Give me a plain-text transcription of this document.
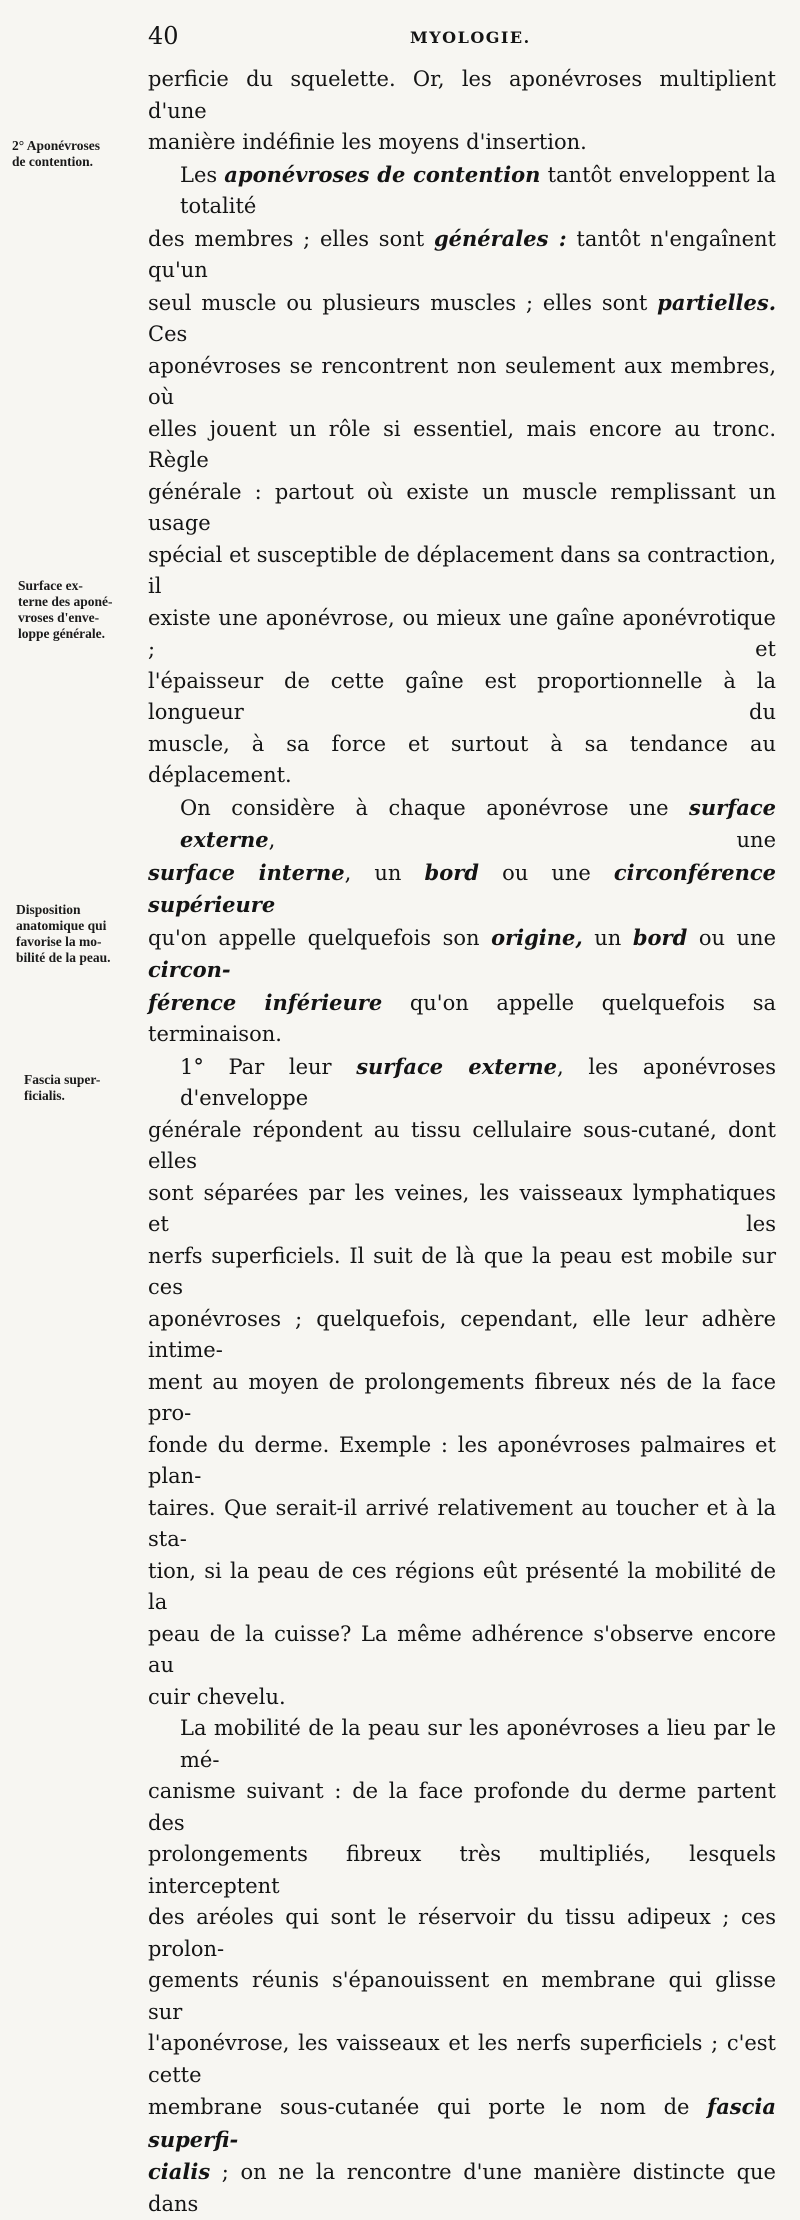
40	MYOLOGIE.
2° Aponévroses
de contention.
Surface ex-
terne des aponé-
vroses d'enve-
loppe générale.
Disposition
anatomique qui
favorise la mo-
bilité de la peau.
Fascia super-
ficialis.
perficie du squelette. Or, les aponévroses multiplient d'une
manière indéfinie les moyens d'insertion.
Les aponévroses de contention tantôt enveloppent la totalité
des membres ; elles sont générales : tantôt n'engaînent qu'un
seul muscle ou plusieurs muscles ; elles sont partielles. Ces
aponévroses se rencontrent non seulement aux membres, où
elles jouent un rôle si essentiel, mais encore au tronc. Règle
générale : partout où existe un muscle remplissant un usage
spécial et susceptible de déplacement dans sa contraction, il
existe une aponévrose, ou mieux une gaîne aponévrotique ; et
l'épaisseur de cette gaîne est proportionnelle à la longueur du
muscle, à sa force et surtout à sa tendance au déplacement.
On considère à chaque aponévrose une surface externe, une
surface interne, un bord ou une circonférence supérieure
qu'on appelle quelquefois son origine, un bord ou une circon-
férence inférieure qu'on appelle quelquefois sa terminaison.
1° Par leur surface externe, les aponévroses d'enveloppe
générale répondent au tissu cellulaire sous-cutané, dont elles
sont séparées par les veines, les vaisseaux lymphatiques et les
nerfs superficiels. Il suit de là que la peau est mobile sur ces
aponévroses ; quelquefois, cependant, elle leur adhère intime-
ment au moyen de prolongements fibreux nés de la face pro-
fonde du derme. Exemple : les aponévroses palmaires et plan-
taires. Que serait-il arrivé relativement au toucher et à la sta-
tion, si la peau de ces régions eût présenté la mobilité de la
peau de la cuisse? La même adhérence s'observe encore au
cuir chevelu.
La mobilité de la peau sur les aponévroses a lieu par le mé-
canisme suivant : de la face profonde du derme partent des
prolongements fibreux très multipliés, lesquels interceptent
des aréoles qui sont le réservoir du tissu adipeux ; ces prolon-
gements réunis s'épanouissent en membrane qui glisse sur
l'aponévrose, les vaisseaux et les nerfs superficiels ; c'est cette
membrane sous-cutanée qui porte le nom de fascia superfi-
cialis ; on ne la rencontre d'une manière distincte que dans
